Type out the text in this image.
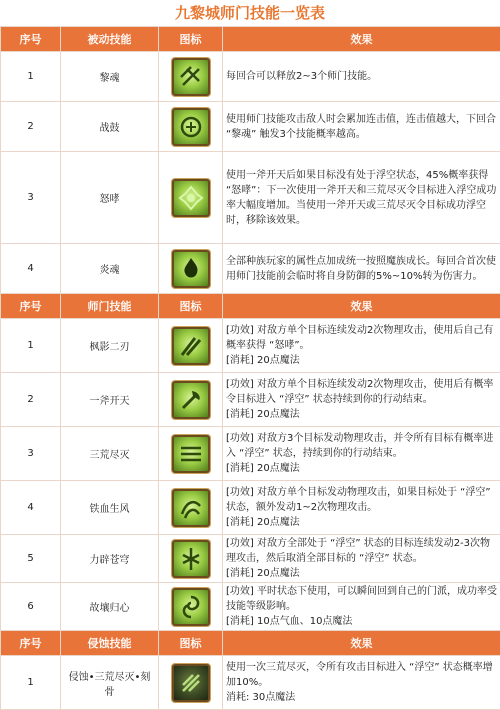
九黎城师门技能一览表
序号	被动技能	图标	效果
1	黎魂		每回合可以释放2~3个师门技能。

2	战鼓		使用师门技能攻击敌人时会累加连击值，连击值越大，下回合 “黎魂” 触发3个技能概率越高。

3	怒哮		使用一斧开天后如果目标没有处于浮空状态，45%概率获得 “怒哮”：下一次使用一斧开天和三荒尽灭令目标进入浮空成功率大幅度增加。当使用一斧开天或三荒尽灭令目标成功浮空时，移除该效果。

4	炎魂		全部种族玩家的属性点加成统一按照魔族成长。每回合首次使用师门技能前会临时将自身防御的5%~10%转为伤害力。

序号	师门技能	图标	效果
1	枫影二刃		[功效] 对敌方单个目标连续发动2次物理攻击，使用后自己有概率获得 “怒哮”。
[消耗] 20点魔法

2	一斧开天		[功效] 对敌方单个目标连续发动2次物理攻击，使用后有概率令目标进入 “浮空” 状态持续到你的行动结束。
[消耗] 20点魔法

3	三荒尽灭		[功效] 对敌方3个目标发动物理攻击，并令所有目标有概率进入 “浮空” 状态，持续到你的行动结束。
[消耗] 20点魔法

4	铁血生风		[功效] 对敌方单个目标发动物理攻击，如果目标处于 “浮空” 状态，额外发动1~2次物理攻击。
[消耗] 20点魔法

5	力辟苍穹		[功效] 对敌方全部处于 “浮空” 状态的目标连续发动2-3次物理攻击，然后取消全部目标的 “浮空” 状态。
[消耗] 20点魔法

6	故壤归心		[功效] 平时状态下使用，可以瞬间回到自己的门派，成功率受技能等级影响。
[消耗] 10点气血、10点魔法

序号	侵蚀技能	图标	效果
1	侵蚀•三荒尽灭•刻骨		使用一次三荒尽灭，令所有攻击目标进入 “浮空” 状态概率增加10%。
消耗: 30点魔法
